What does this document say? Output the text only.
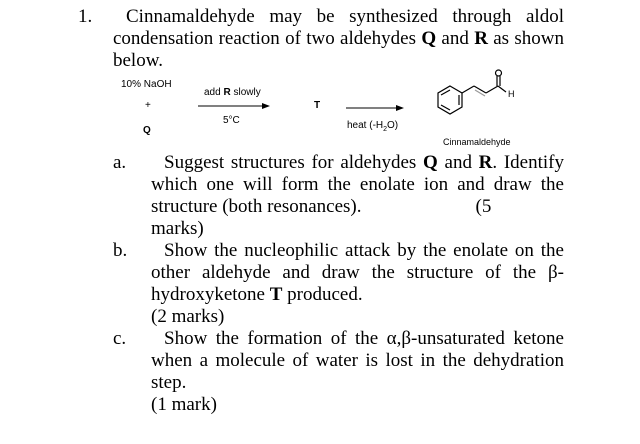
1.	Cinnamaldehyde may be synthesized through aldol
condensation reaction of two aldehydes Q and R as shown
below.
10% NaOH
+
Q
add R slowly
5°C
T
heat $(-H_2O)$
H
Cinnamaldehyde
a.	Suggest structures for aldehydes Q and R. Identify
which one will form the enolate ion and draw the
structure (both resonances).                        (5
marks)
b.	Show the nucleophilic attack by the enolate on the
other aldehyde and draw the structure of the β-
hydroxyketone T produced.
(2 marks)
c.	Show the formation of the α,β-unsaturated ketone
when a molecule of water is lost in the dehydration
step.
(1 mark)
